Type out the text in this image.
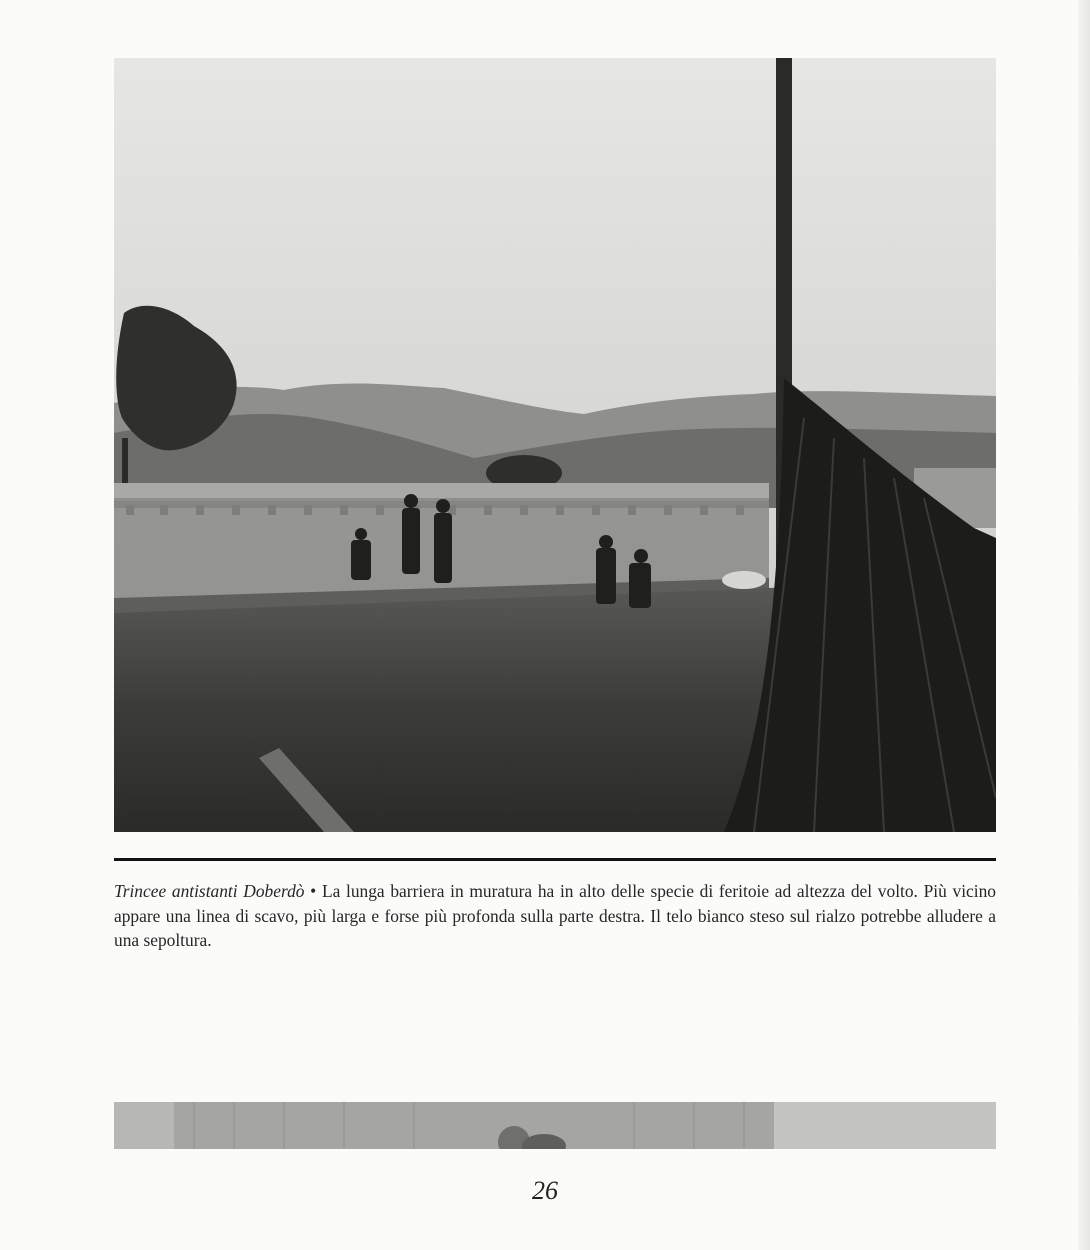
Trincee antistanti Doberdò • La lunga barriera in muratura ha in alto delle specie di feritoie ad altezza del volto. Più vicino appare una linea di scavo, più larga e forse più profonda sulla parte destra. Il telo bianco steso sul rialzo potrebbe alludere a una sepoltura.
26
